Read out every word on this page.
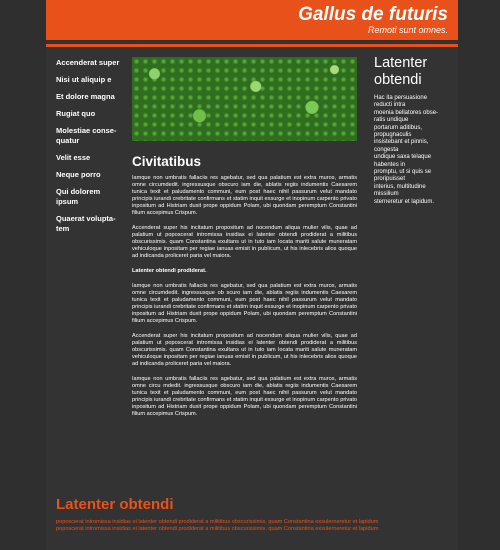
Gallus de futuris
Remoti sunt omnes.
Accenderat super
Nisi ut aliquip e
Et dolore magna
Rugiat quo
Molestiae conse-
quatur
Velit esse
Neque porro
Qui dolorem
ipsum
Quaerat volupta-
tem
Civitatibus

Iamque non umbratis fallaciis res agebatur, sed qua palatium est extra muros, armatis omne circumdedit. ingressusque obscuro iam die, ablatis regiis indumentis Caesarem tunica texit et paludamento communi, eum post haec nihil passurum velut mandato principis iurandi crebritate confirmans et statim inquit exsurge et inopinum carpento privato inpositum ad Histriam duxit prope oppidum Polam, ubi quondam peremptum Constantini filium accepimus Crispum.

Accenderat super his incitatum propositum ad nocendum aliqua mulier vilis, quae ad palatium ut poposcerat intromissa insidias ei latenter obtendi prodiderat a militibus obscurissimis. quam Constantina exultans ut in tuto iam locata mariti salute muneratam vehiculoque inpositam per regiae ianuas emisit in publicum, ut his inlecebris alios quoque ad indicanda proliceret paria vel maiora.

Latenter obtendi prodiderat.

Iamque non umbratis fallaciis res agebatur, sed qua palatium est extra muros, armatis omne circumdedit. ingressusque ob scuro iam die, ablatis regiis indumentis Caesarem tunica texit et paludamento communi, eum post haec nihil passurum velut mandato principis iurandi crebritate confirmans et statim inquit exsurge et inopinum carpento privato inpositum ad Histriam duxit prope oppidum Polam, ubi quondam peremptum Constantini filium accepimus Crispum.

Accenderat super his incitatum propositum ad nocendum aliqua mulier vilis, quae ad palatium ut poposcerat intromissa insidias ei latenter obtendi prodiderat a militibus obscurissimis. quam Constantina exultans ut in tuto iam locata mariti salute muneratam vehiculoque inpositam per regiae ianuas emisit in publicum, ut his inlecebris alios quoque ad indicanda proliceret paria vel maiora.

Iamque non umbratis fallaciis res agebatur, sed qua palatium est extra muros, armatis omne circu mdedit. ingressusque obscuro iam die, ablatis regiis indumentis Caesarem tunica texit et paludamento communi, eum post haec nihil passurum velut mandato principis iurandi crebritate confirmans et statim inquit exsurge et inopinum carpento privato inpositum ad Histriam duxit prope oppidum Polam, ubi quondam peremptum Constantini filium accepimus Crispum.

Latenter obtendi
Hac ita persuasione
reducti intra
moenia bellatores obse-
ratis undique
portarum aditibus,
propugnaculis
insistebant et pinnis,
congesta
undique saxa telaque
habentes in
promptu, ut si quis se
proripuisset
interius, multitudine
missilium
sterneretur et lapidum.
Latenter obtendi
poposcerat intromissa insidias ei latenter obtendi prodiderat a militibus obscurissimis. quam Constantina exsulerneretur et lapidum
poposcerat intromissa insidias ei latenter obtendi prodiderat a militibus obscurissimis. quam Constantina exsulerneretur et lapidum
